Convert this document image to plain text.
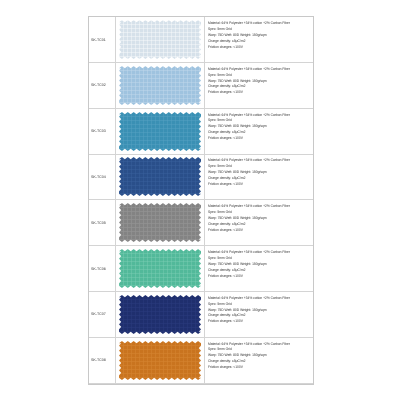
SK-TC01
Material: 64% Polyester +34% cotton +2% Carbon Fiber
Spec: 5mm Grid
Warp: 75D Weft: 80D Weight: 150g/sqm
Charge density: ≤5μC/m2
Friction charges: <100V
SK-TC02
Material: 64% Polyester +34% cotton +2% Carbon Fiber
Spec: 5mm Grid
Warp: 75D Weft: 80D Weight: 150g/sqm
Charge density: ≤5μC/m2
Friction charges: <100V
SK-TC03
Material: 64% Polyester +34% cotton +2% Carbon Fiber
Spec: 5mm Grid
Warp: 75D Weft: 80D Weight: 150g/sqm
Charge density: ≤5μC/m2
Friction charges: <100V
SK-TC04
Material: 64% Polyester +34% cotton +2% Carbon Fiber
Spec: 5mm Grid
Warp: 75D Weft: 80D Weight: 150g/sqm
Charge density: ≤5μC/m2
Friction charges: <100V
SK-TC05
Material: 64% Polyester +34% cotton +2% Carbon Fiber
Spec: 5mm Grid
Warp: 75D Weft: 80D Weight: 150g/sqm
Charge density: ≤5μC/m2
Friction charges: <100V
SK-TC06
Material: 64% Polyester +34% cotton +2% Carbon Fiber
Spec: 5mm Grid
Warp: 75D Weft: 80D Weight: 150g/sqm
Charge density: ≤5μC/m2
Friction charges: <100V
SK-TC07
Material: 64% Polyester +34% cotton +2% Carbon Fiber
Spec: 5mm Grid
Warp: 75D Weft: 80D Weight: 150g/sqm
Charge density: ≤5μC/m2
Friction charges: <100V
SK-TC08
Material: 64% Polyester +34% cotton +2% Carbon Fiber
Spec: 5mm Grid
Warp: 75D Weft: 80D Weight: 150g/sqm
Charge density: ≤5μC/m2
Friction charges: <100V
